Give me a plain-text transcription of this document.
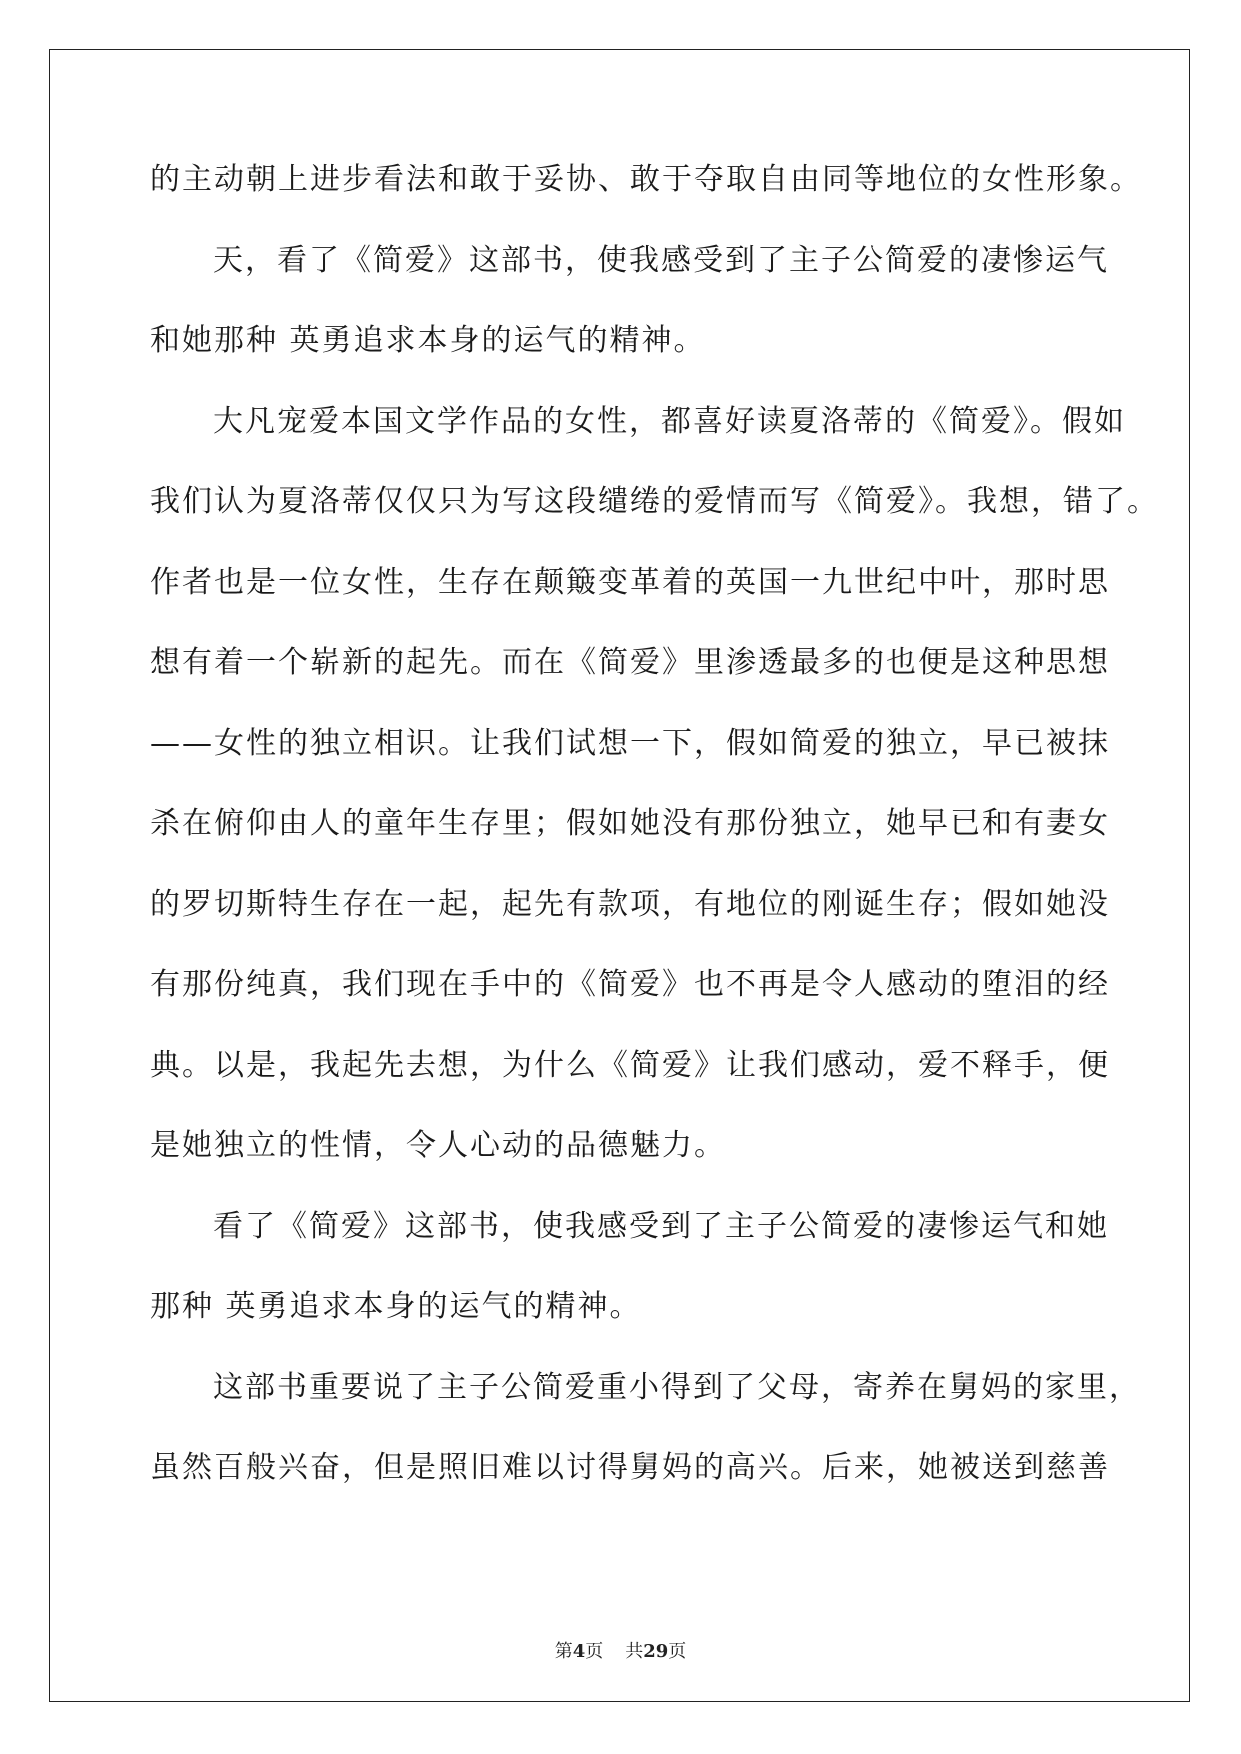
的主动朝上进步看法和敢于妥协、敢于夺取自由同等地位的女性形象。
天，看了《简爱》这部书，使我感受到了主子公简爱的凄惨运气
和她那种 英勇追求本身的运气的精神。
大凡宠爱本国文学作品的女性，都喜好读夏洛蒂的《简爱》。假如
我们认为夏洛蒂仅仅只为写这段缱绻的爱情而写《简爱》。我想，错了。
作者也是一位女性，生存在颠簸变革着的英国一九世纪中叶，那时思
想有着一个崭新的起先。而在《简爱》里渗透最多的也便是这种思想
——女性的独立相识。让我们试想一下，假如简爱的独立，早已被抹
杀在俯仰由人的童年生存里；假如她没有那份独立，她早已和有妻女
的罗切斯特生存在一起，起先有款项，有地位的刚诞生存；假如她没
有那份纯真，我们现在手中的《简爱》也不再是令人感动的堕泪的经
典。以是，我起先去想，为什么《简爱》让我们感动，爱不释手，便
是她独立的性情，令人心动的品德魅力。
看了《简爱》这部书，使我感受到了主子公简爱的凄惨运气和她
那种 英勇追求本身的运气的精神。
这部书重要说了主子公简爱重小得到了父母，寄养在舅妈的家里，
虽然百般兴奋，但是照旧难以讨得舅妈的高兴。后来，她被送到慈善
第4页 共29页
